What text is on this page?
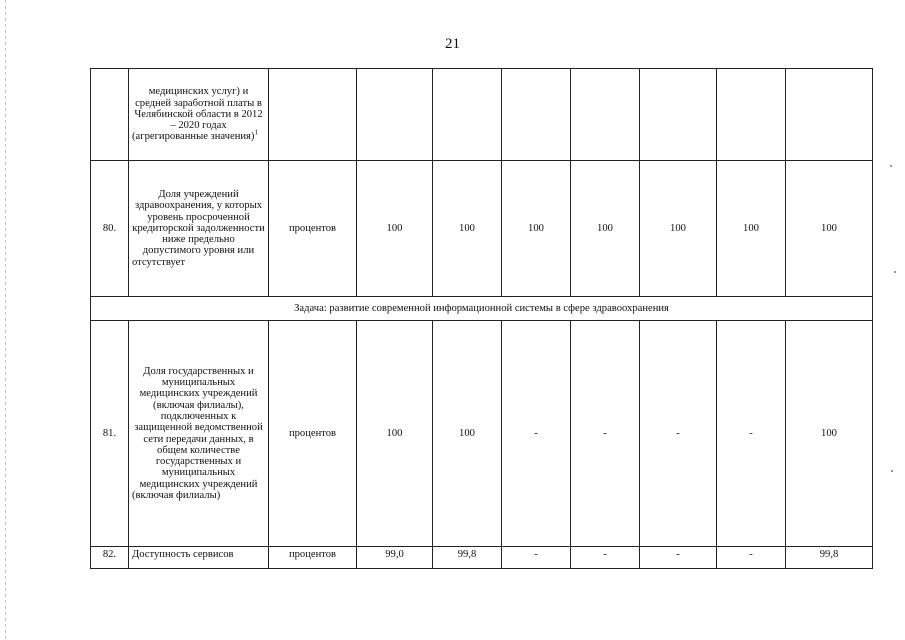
21
	медицинских услуг) и средней заработной платы в Челябинской области в 2012 – 2020 годах (агрегированные значения)$^1$								
80.	Доля учреждений здравоохранения, у которых уровень просроченной кредиторской задолженности ниже предельно допустимого уровня или отсутствует	процентов	100	100	100	100	100	100	100
Задача: развитие современной информационной системы в сфере здравоохранения									
81.	Доля государственных и муниципальных медицинских учреждений (включая филиалы), подключенных к защищенной ведомственной сети передачи данных, в общем количестве государственных и муниципальных медицинских учреждений (включая филиалы)	процентов	100	100	-	-	-	-	100
82.	Доступность сервисов	процентов	99,0	99,8	-	-	-	-	99,8
